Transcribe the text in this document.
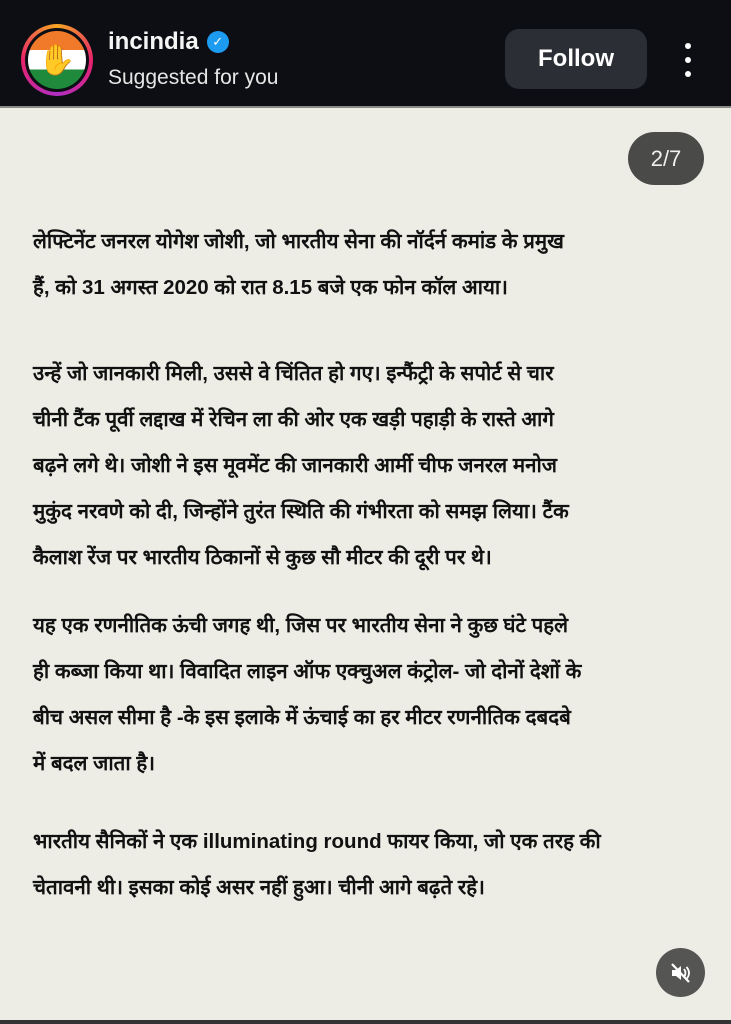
✋
incindia	✓
Suggested for you
Follow
2/7
लेफ्टिनेंट जनरल योगेश जोशी, जो भारतीय सेना की नॉर्दर्न कमांड के प्रमुख
हैं, को 31 अगस्त 2020 को रात 8.15 बजे एक फोन कॉल आया।
उन्हें जो जानकारी मिली, उससे वे चिंतित हो गए। इन्फैंट्री के सपोर्ट से चार
चीनी टैंक पूर्वी लद्दाख में रेचिन ला की ओर एक खड़ी पहाड़ी के रास्ते आगे
बढ़ने लगे थे। जोशी ने इस मूवमेंट की जानकारी आर्मी चीफ जनरल मनोज
मुकुंद नरवणे को दी, जिन्होंने तुरंत स्थिति की गंभीरता को समझ लिया। टैंक
कैलाश रेंज पर भारतीय ठिकानों से कुछ सौ मीटर की दूरी पर थे।
यह एक रणनीतिक ऊंची जगह थी, जिस पर भारतीय सेना ने कुछ घंटे पहले
ही कब्जा किया था। विवादित लाइन ऑफ एक्चुअल कंट्रोल- जो दोनों देशों के
बीच असल सीमा है -के इस इलाके में ऊंचाई का हर मीटर रणनीतिक दबदबे
में बदल जाता है।
भारतीय सैनिकों ने एक illuminating round फायर किया, जो एक तरह की
चेतावनी थी। इसका कोई असर नहीं हुआ। चीनी आगे बढ़ते रहे।
